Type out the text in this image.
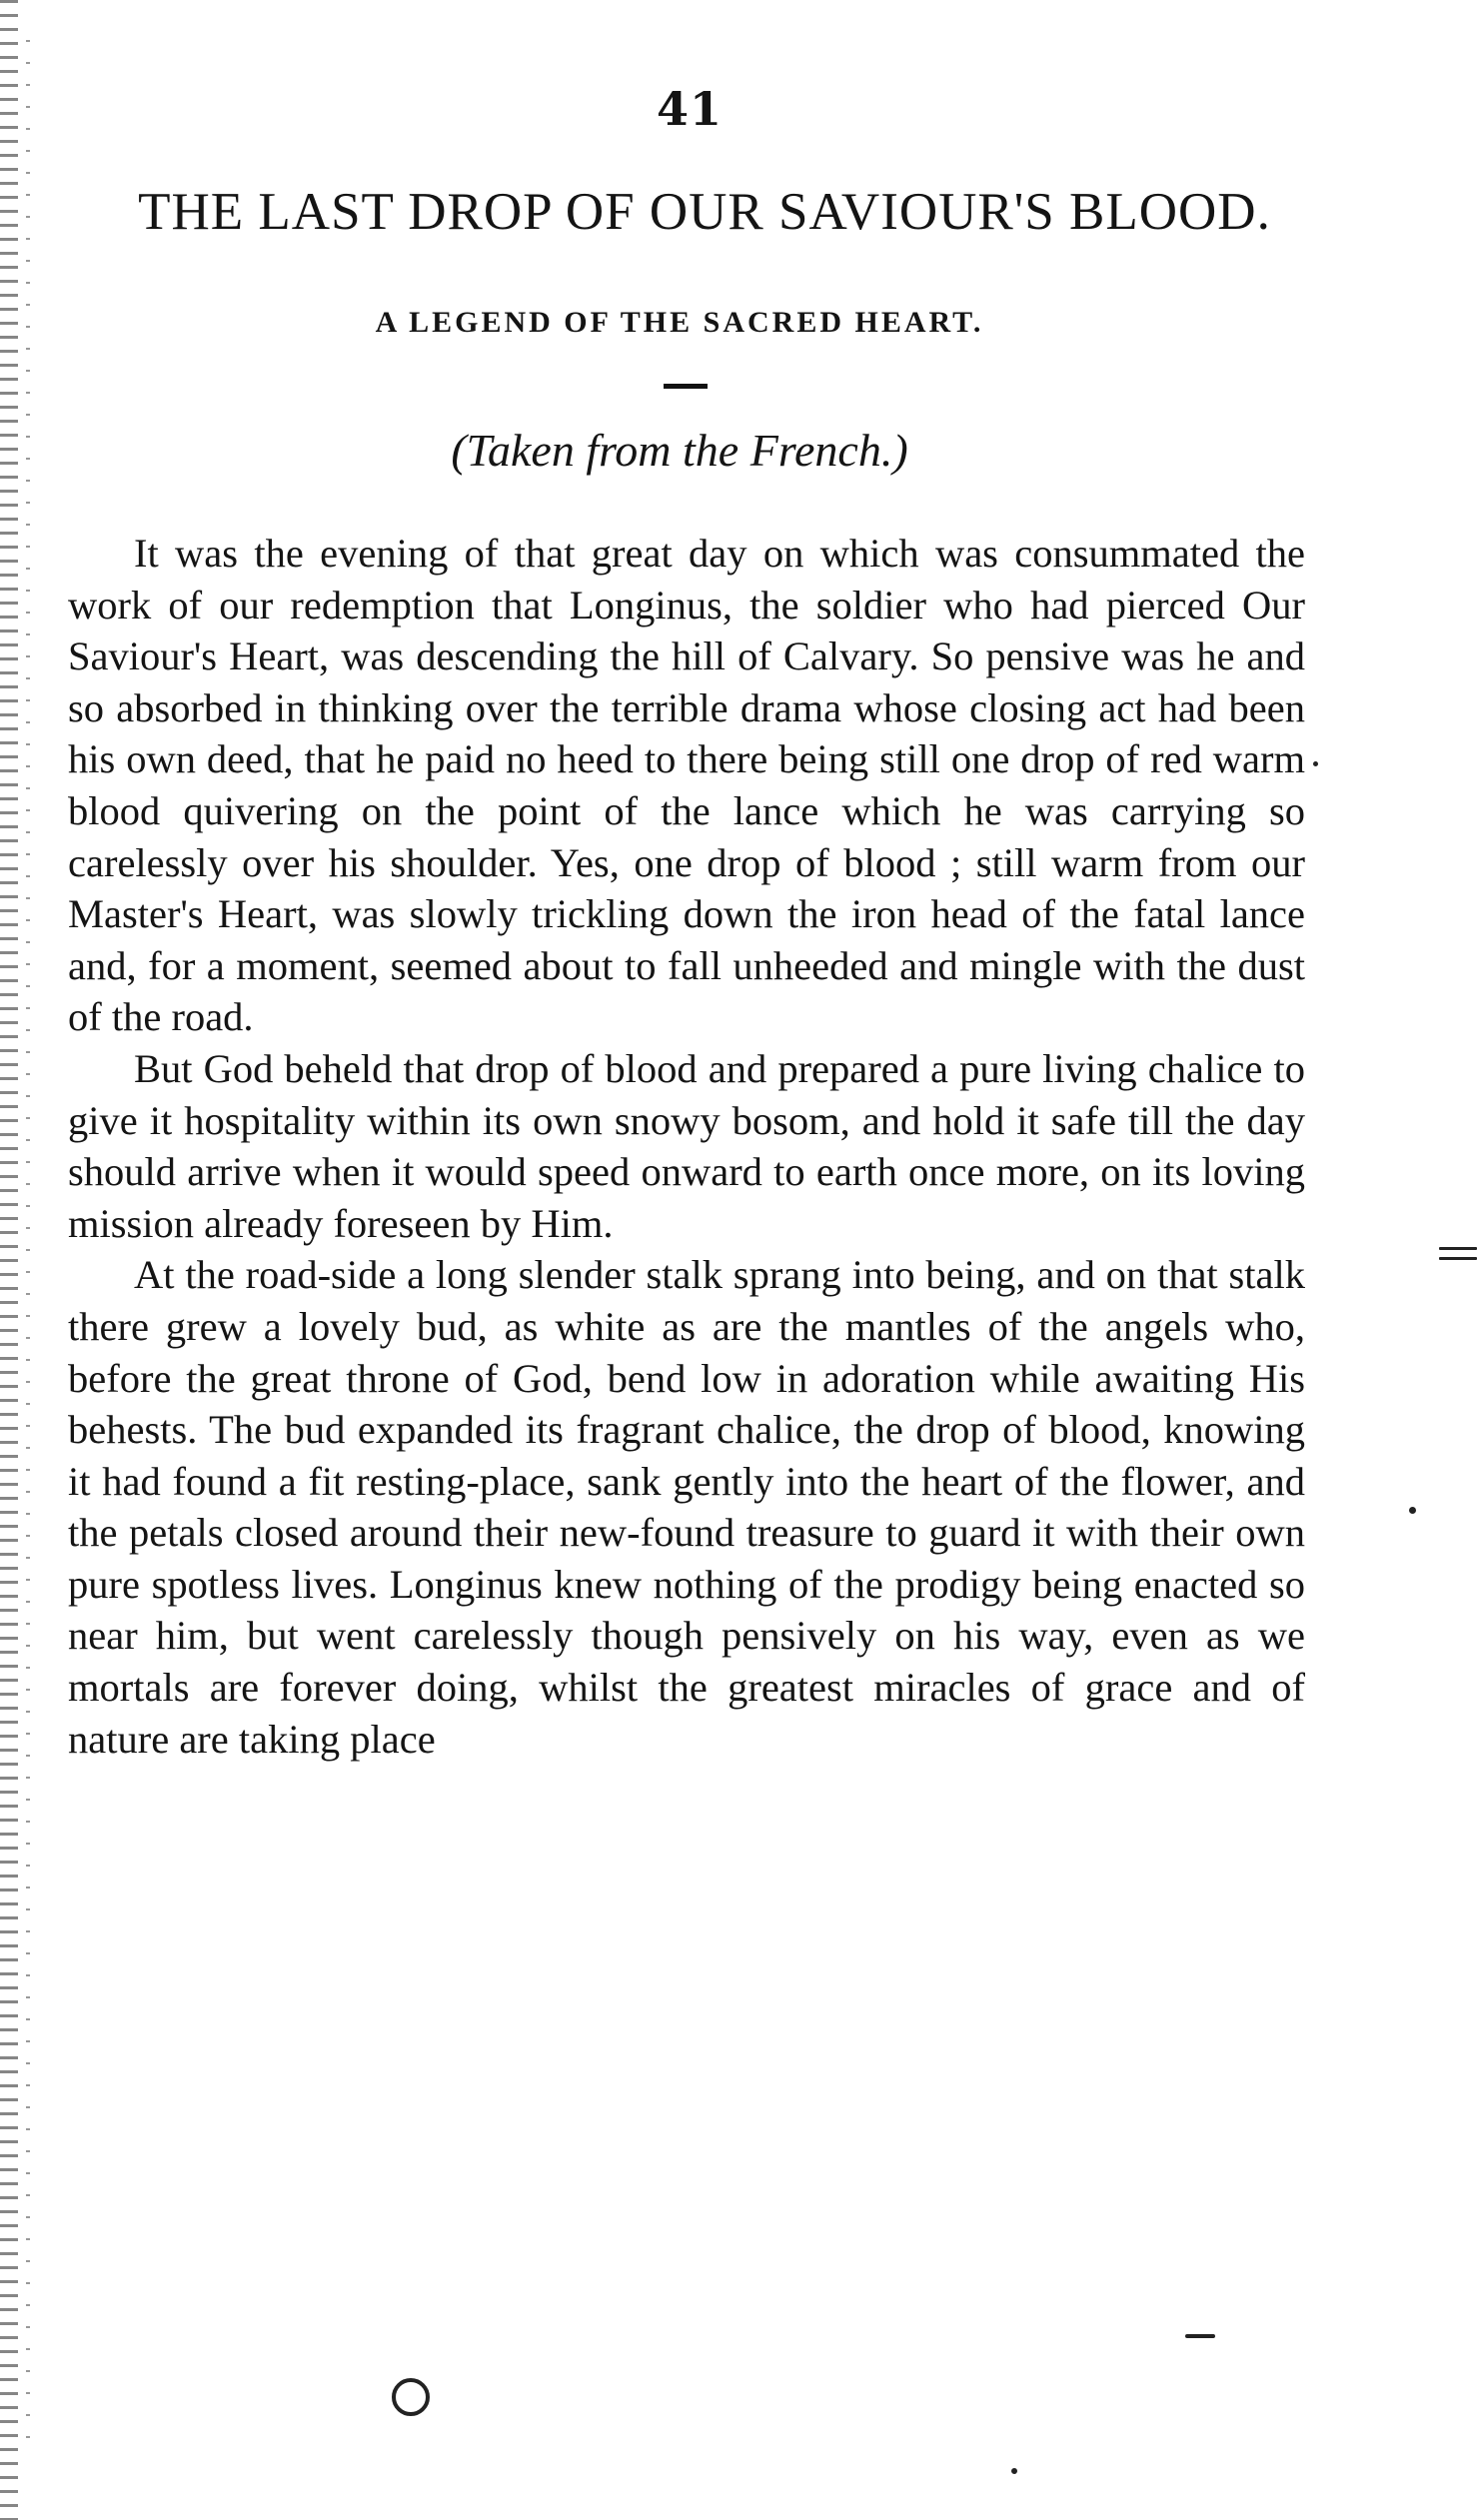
41
THE LAST DROP OF OUR SAVIOUR'S BLOOD.
A LEGEND OF THE SACRED HEART.
(Taken from the French.)

It was the evening of that great day on which was consummated the work of our redemption that Longinus, the soldier who had pierced Our Saviour's Heart, was descending the hill of Calvary. So pensive was he and so absorbed in thinking over the terrible drama whose closing act had been his own deed, that he paid no heed to there being still one drop of red warm blood quivering on the point of the lance which he was carrying so carelessly over his shoulder. Yes, one drop of blood ; still warm from our Master's Heart, was slowly trickling down the iron head of the fatal lance and, for a moment, seemed about to fall unheeded and mingle with the dust of the road.

But God beheld that drop of blood and prepared a pure living chalice to give it hospitality within its own snowy bosom, and hold it safe till the day should arrive when it would speed onward to earth once more, on its loving mission already foreseen by Him.

At the road-side a long slender stalk sprang into being, and on that stalk there grew a lovely bud, as white as are the mantles of the angels who, before the great throne of God, bend low in adoration while awaiting His behests. The bud expanded its fragrant chalice, the drop of blood, knowing it had found a fit resting-place, sank gently into the heart of the flower, and the petals closed around their new-found treasure to guard it with their own pure spotless lives. Longinus knew nothing of the prodigy being enacted so near him, but went carelessly though pensively on his way, even as we mortals are forever doing, whilst the greatest miracles of grace and of nature are taking place
